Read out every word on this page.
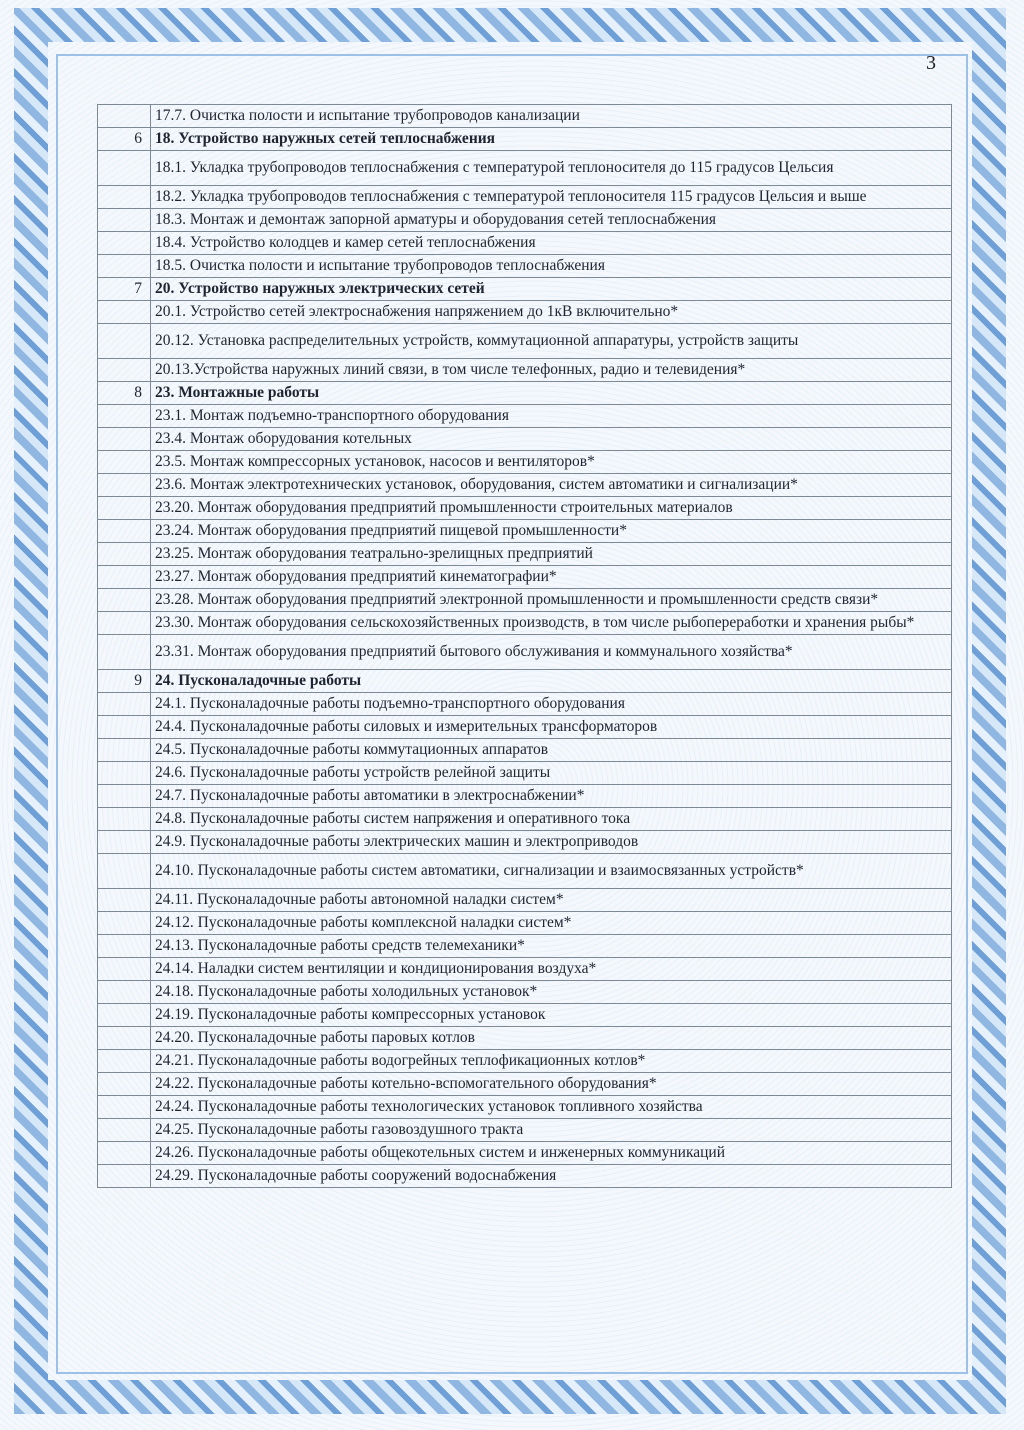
3
	17.7. Очистка полости и испытание трубопроводов канализации
6	18. Устройство наружных сетей теплоснабжения
	18.1. Укладка трубопроводов теплоснабжения с температурой теплоносителя до 115 градусов Цельсия
	18.2. Укладка трубопроводов теплоснабжения с температурой теплоносителя 115 градусов Цельсия и выше
	18.3. Монтаж и демонтаж запорной арматуры и оборудования сетей теплоснабжения
	18.4. Устройство колодцев и камер сетей теплоснабжения
	18.5. Очистка полости и испытание трубопроводов теплоснабжения
7	20. Устройство наружных электрических сетей
	20.1. Устройство сетей электроснабжения напряжением до 1кВ включительно*
	20.12. Установка распределительных устройств, коммутационной аппаратуры, устройств защиты
	20.13.Устройства наружных линий связи, в том числе телефонных, радио и телевидения*
8	23. Монтажные работы
	23.1. Монтаж подъемно-транспортного оборудования
	23.4. Монтаж оборудования котельных
	23.5. Монтаж компрессорных установок, насосов и вентиляторов*
	23.6. Монтаж электротехнических установок, оборудования, систем автоматики и сигнализации*
	23.20. Монтаж оборудования предприятий промышленности строительных материалов
	23.24. Монтаж оборудования предприятий пищевой промышленности*
	23.25. Монтаж оборудования театрально-зрелищных предприятий
	23.27. Монтаж оборудования предприятий кинематографии*
	23.28. Монтаж оборудования предприятий электронной промышленности и промышленности средств связи*
	23.30. Монтаж оборудования сельскохозяйственных производств, в том числе рыбопереработки и хранения рыбы*
	23.31. Монтаж оборудования предприятий бытового обслуживания и коммунального хозяйства*
9	24. Пусконаладочные работы
	24.1. Пусконаладочные работы подъемно-транспортного оборудования
	24.4. Пусконаладочные работы силовых и измерительных трансформаторов
	24.5. Пусконаладочные работы коммутационных аппаратов
	24.6. Пусконаладочные работы устройств релейной защиты
	24.7. Пусконаладочные работы автоматики в электроснабжении*
	24.8. Пусконаладочные работы систем напряжения и оперативного тока
	24.9. Пусконаладочные работы электрических машин и электроприводов
	24.10. Пусконаладочные работы систем автоматики, сигнализации и взаимосвязанных устройств*
	24.11. Пусконаладочные работы автономной наладки систем*
	24.12. Пусконаладочные работы комплексной наладки систем*
	24.13. Пусконаладочные работы средств телемеханики*
	24.14. Наладки систем вентиляции и кондиционирования воздуха*
	24.18. Пусконаладочные работы холодильных установок*
	24.19. Пусконаладочные работы компрессорных установок
	24.20. Пусконаладочные работы паровых котлов
	24.21. Пусконаладочные работы водогрейных теплофикационных котлов*
	24.22. Пусконаладочные работы котельно-вспомогательного оборудования*
	24.24. Пусконаладочные работы технологических установок топливного хозяйства
	24.25. Пусконаладочные работы газовоздушного тракта
	24.26. Пусконаладочные работы общекотельных систем и инженерных коммуникаций
	24.29. Пусконаладочные работы сооружений водоснабжения
